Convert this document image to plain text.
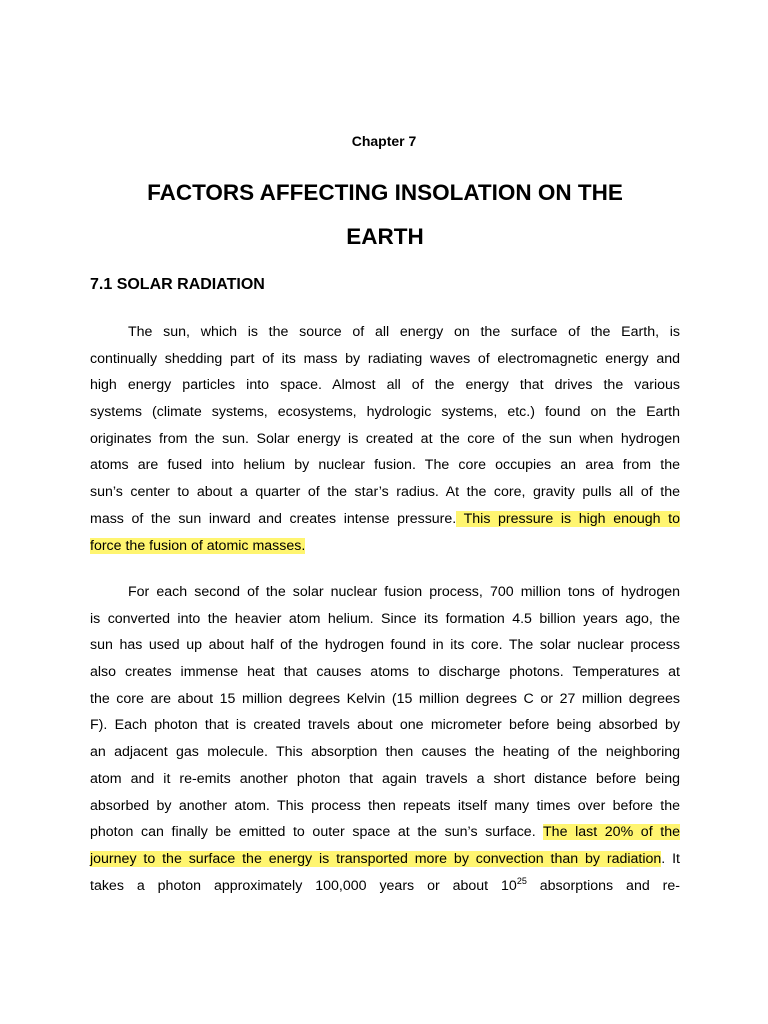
Chapter 7
FACTORS AFFECTING INSOLATION ON THE
EARTH
7.1 SOLAR RADIATION
The sun, which is the source of all energy on the surface of the Earth, is
continually shedding part of its mass by radiating waves of electromagnetic energy and
high energy particles into space. Almost all of the energy that drives the various
systems (climate systems, ecosystems, hydrologic systems, etc.) found on the Earth
originates from the sun. Solar energy is created at the core of the sun when hydrogen
atoms are fused into helium by nuclear fusion. The core occupies an area from the
sun’s center to about a quarter of the star’s radius. At the core, gravity pulls all of the
mass of the sun inward and creates intense pressure. This pressure is high enough to
force the fusion of atomic masses.
For each second of the solar nuclear fusion process, 700 million tons of hydrogen
is converted into the heavier atom helium. Since its formation 4.5 billion years ago, the
sun has used up about half of the hydrogen found in its core. The solar nuclear process
also creates immense heat that causes atoms to discharge photons. Temperatures at
the core are about 15 million degrees Kelvin (15 million degrees C or 27 million degrees
F). Each photon that is created travels about one micrometer before being absorbed by
an adjacent gas molecule. This absorption then causes the heating of the neighboring
atom and it re-emits another photon that again travels a short distance before being
absorbed by another atom. This process then repeats itself many times over before the
photon can finally be emitted to outer space at the sun’s surface. The last 20% of the
journey to the surface the energy is transported more by convection than by radiation. It
takes a photon approximately 100,000 years or about $10^{25}$ absorptions and re-
